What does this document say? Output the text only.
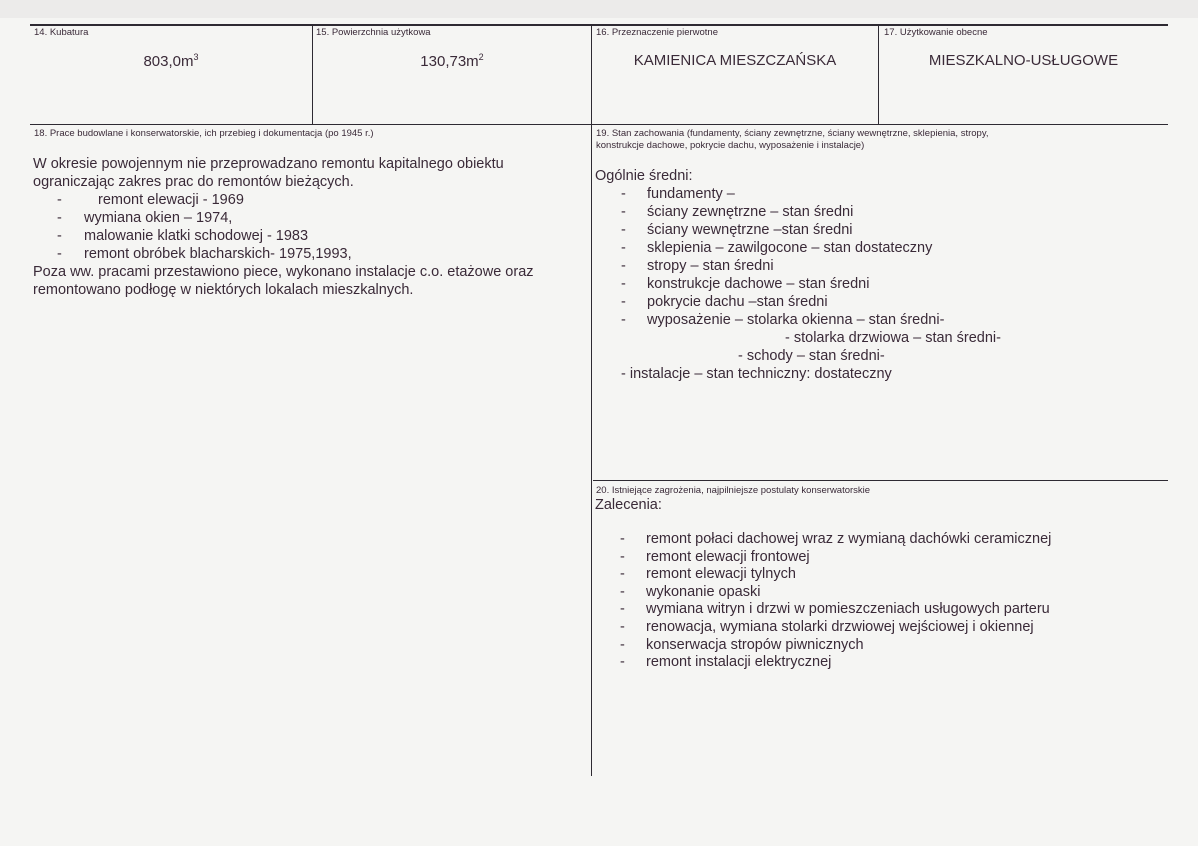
14. Kubatura
$803,0m^3$
15. Powierzchnia użytkowa
$130,73m^2$
16. Przeznaczenie pierwotne
KAMIENICA MIESZCZAŃSKA
17. Użytkowanie obecne
MIESZKALNO-USŁUGOWE
18. Prace budowlane i konserwatorskie, ich przebieg i dokumentacja (po 1945 r.)
W okresie powojennym nie przeprowadzano remontu kapitalnego obiektu
ograniczając zakres prac do remontów bieżących.
-	remont elewacji - 1969
-	wymiana okien – 1974,
-	malowanie klatki schodowej - 1983
-	remont obróbek blacharskich- 1975,1993,
Poza ww. pracami przestawiono piece, wykonano instalacje c.o. etażowe oraz
remontowano podłogę w niektórych lokalach mieszkalnych.
19. Stan zachowania (fundamenty, ściany zewnętrzne, ściany wewnętrzne, sklepienia, stropy,
konstrukcje dachowe, pokrycie dachu, wyposażenie i instalacje)
Ogólnie średni:
-	fundamenty –
-	ściany zewnętrzne – stan średni
-	ściany wewnętrzne –stan średni
-	sklepienia – zawilgocone – stan dostateczny
-	stropy – stan średni
-	konstrukcje dachowe – stan średni
-	pokrycie dachu –stan średni
-	wyposażenie – stolarka okienna – stan średni-
- stolarka drzwiowa – stan średni-
- schody – stan średni-
- instalacje – stan techniczny: dostateczny
20. Istniejące zagrożenia, najpilniejsze postulaty konserwatorskie
Zalecenia:
-	remont połaci dachowej wraz z wymianą dachówki ceramicznej
-	remont elewacji frontowej
-	remont elewacji tylnych
-	wykonanie opaski
-	wymiana witryn i drzwi w pomieszczeniach usługowych parteru
-	renowacja, wymiana stolarki drzwiowej wejściowej i okiennej
-	konserwacja stropów piwnicznych
-	remont instalacji elektrycznej
